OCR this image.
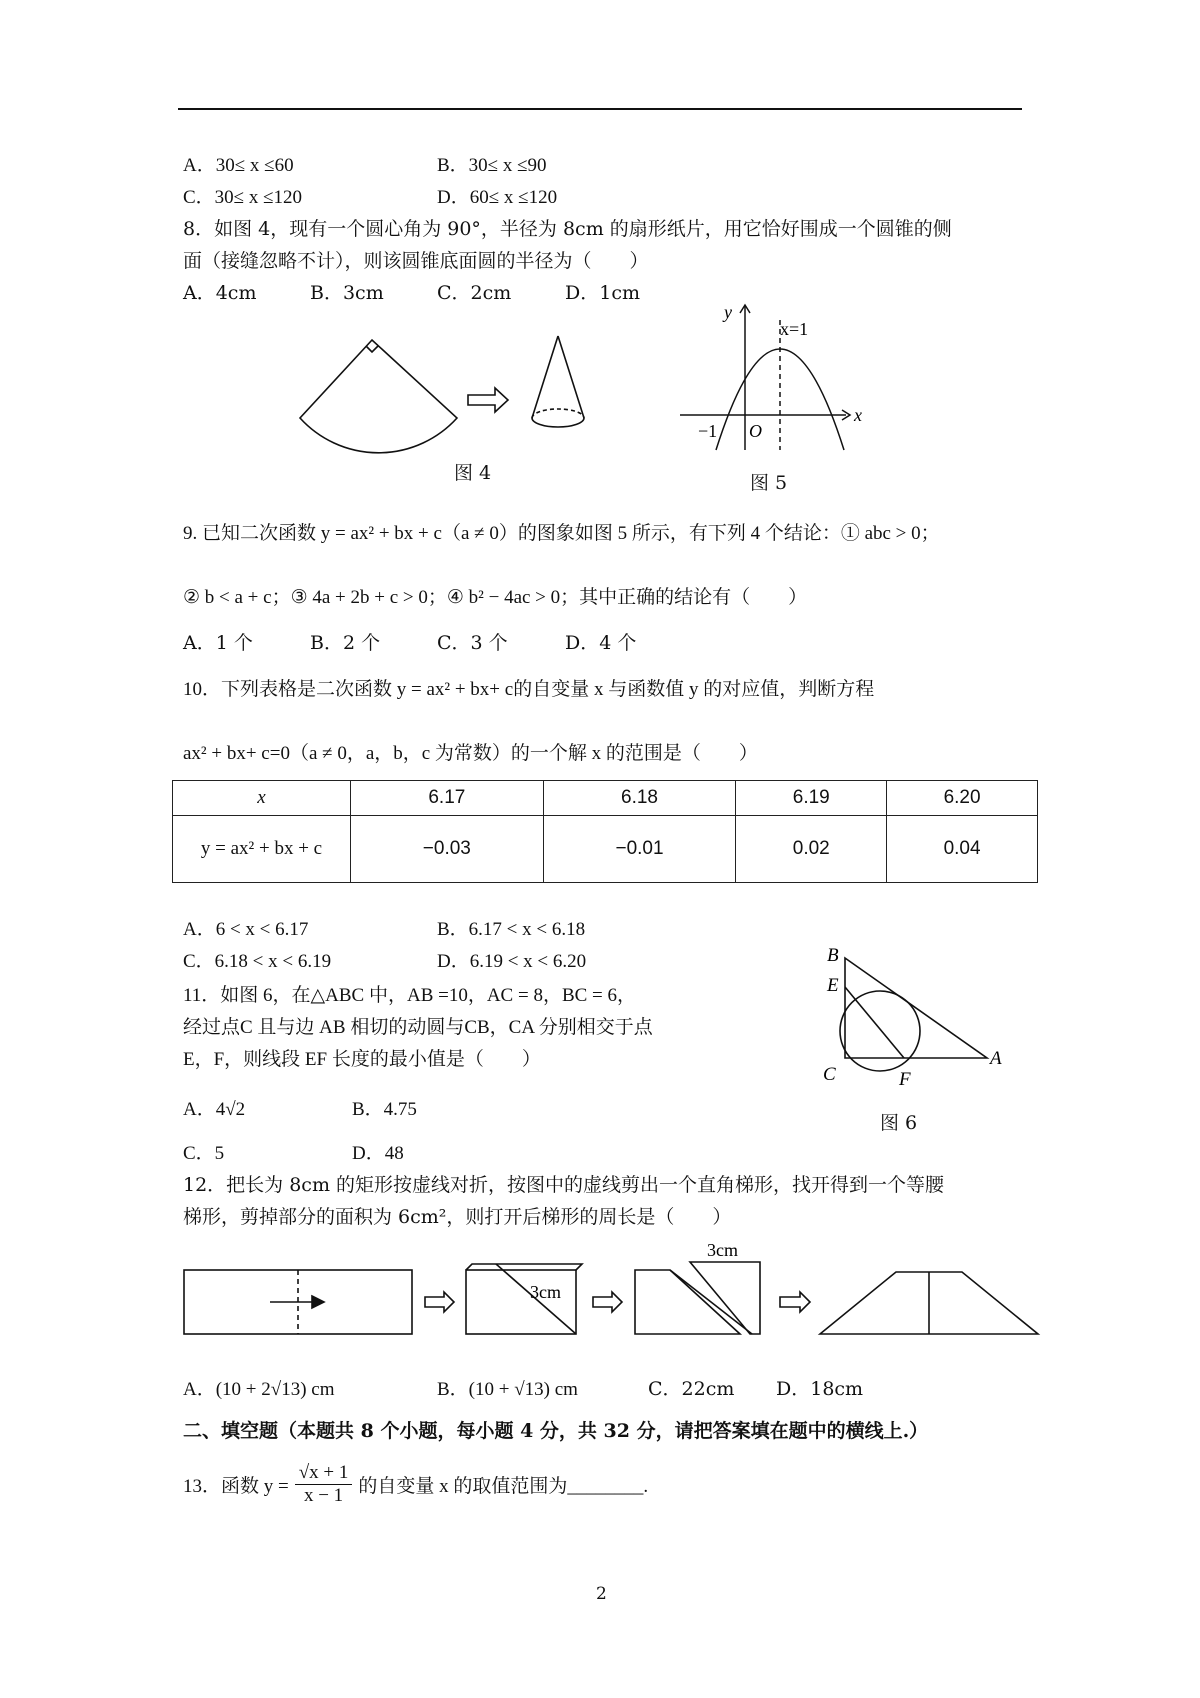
A．30≤ x ≤60	B．30≤ x ≤90
C．30≤ x ≤120	D．60≤ x ≤120
8．如图 4，现有一个圆心角为 90°，半径为 8cm 的扇形纸片，用它恰好围成一个圆锥的侧
面（接缝忽略不计），则该圆锥底面圆的半径为（　　）
A．4cm	B．3cm	C．2cm	D．1cm
图 4
y
x
x=1
−1 O
图 5
9. 已知二次函数 y = ax² + bx + c（a ≠ 0）的图象如图 5 所示，有下列 4 个结论：① abc > 0；
② b < a + c；③ 4a + 2b + c > 0；④ b² − 4ac > 0；其中正确的结论有（　　）
A．1 个	B．2 个	C．3 个	D．4 个
10．下列表格是二次函数 y = ax² + bx+ c的自变量 x 与函数值 y 的对应值，判断方程
ax² + bx+ c=0（a ≠ 0，a，b，c 为常数）的一个解 x 的范围是（　　）
x	6.17	6.18	6.19	6.20
y = ax² + bx + c	−0.03	−0.01	0.02	0.04
A．6 < x < 6.17	B．6.17 < x < 6.18
C．6.18 < x < 6.19	D．6.19 < x < 6.20
11．如图 6，在△ABC 中，AB =10，AC = 8，BC = 6，
经过点C 且与边 AB 相切的动圆与CB，CA 分别相交于点
E，F，则线段 EF 长度的最小值是（　　）
A．4√2	B．4.75
C．5	D．48
B
E
C	F
A
图 6
12．把长为 8cm 的矩形按虚线对折，按图中的虚线剪出一个直角梯形，找开得到一个等腰
梯形，剪掉部分的面积为 6cm²，则打开后梯形的周长是（　　）
3cm
3cm
A．(10 + 2√13) cm	B．(10 + √13) cm	C．22cm D．18cm
二、填空题（本题共 8 个小题，每小题 4 分，共 32 分，请把答案填在题中的横线上.）
13．函数 $y = \frac{√x + 1}{x - 1}$ 的自变量 x 的取值范围为________.
2
